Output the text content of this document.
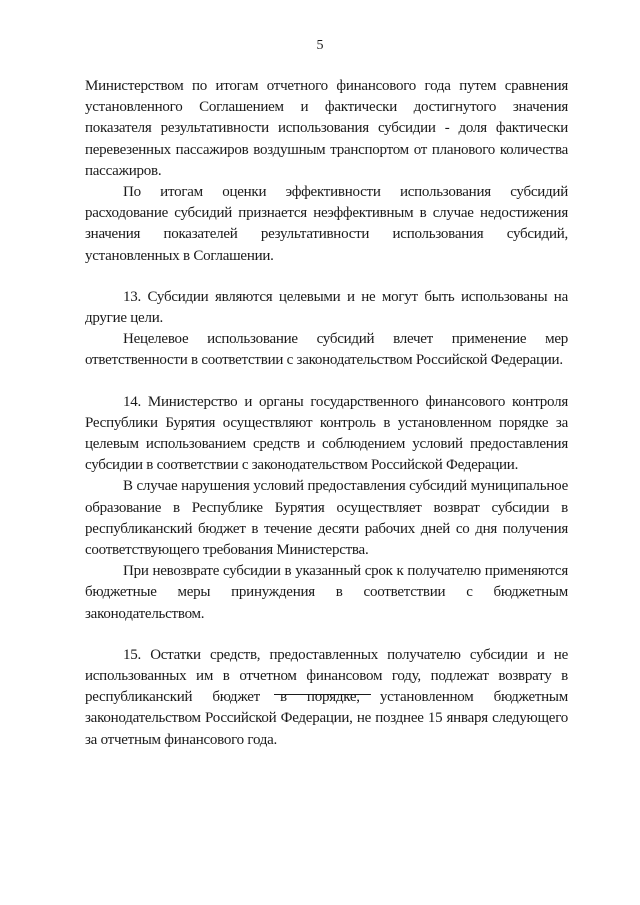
5

Министерством по итогам отчетного финансового года путем сравнения установленного Соглашением и фактически достигнутого значения показателя результативности использования субсидии - доля фактически перевезенных пассажиров воздушным транспортом от планового количества пассажиров.

По итогам оценки эффективности использования субсидий расходование субсидий признается неэффективным в случае недостижения значения показателей результативности использования субсидий, установленных в Соглашении.

13. Субсидии являются целевыми и не могут быть использованы на другие цели.

Нецелевое использование субсидий влечет применение мер ответственности в соответствии с законодательством Российской Федерации.

14. Министерство и органы государственного финансового контроля Республики Бурятия осуществляют контроль в установленном порядке за целевым использованием средств и соблюдением условий предоставления субсидии в соответствии с законодательством Российской Федерации.

В случае нарушения условий предоставления субсидий муниципальное образование в Республике Бурятия осуществляет возврат субсидии в республиканский бюджет в течение десяти рабочих дней со дня получения соответствующего требования Министерства.

При невозврате субсидии в указанный срок к получателю применяются бюджетные меры принуждения в соответствии с бюджетным законодательством.

15. Остатки средств, предоставленных получателю субсидии и не использованных им в отчетном финансовом году, подлежат возврату в республиканский бюджет в порядке, установленном бюджетным законодательством Российской Федерации, не позднее 15 января следующего за отчетным финансового года.
